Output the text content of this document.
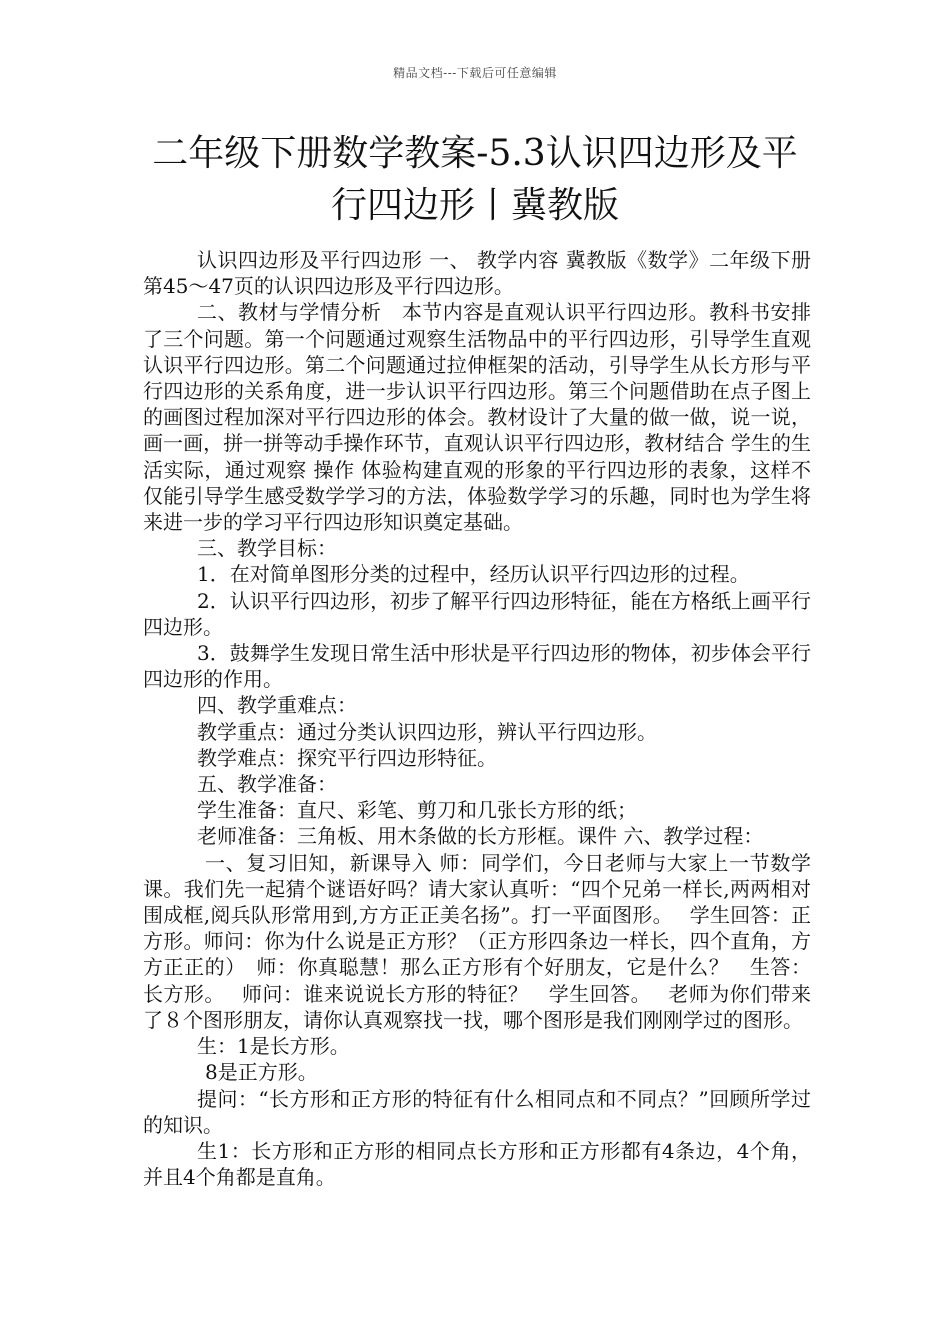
精品文档---下载后可任意编辑
二年级下册数学教案-5.3认识四边形及平行四边形丨冀教版

认识四边形及平行四边形 一、 教学内容 冀教版《数学》二年级下册第45～47页的认识四边形及平行四边形。

二、教材与学情分析　本节内容是直观认识平行四边形。教科书安排了三个问题。第一个问题通过观察生活物品中的平行四边形，引导学生直观认识平行四边形。第二个问题通过拉伸框架的活动，引导学生从长方形与平行四边形的关系角度，进一步认识平行四边形。第三个问题借助在点子图上的画图过程加深对平行四边形的体会。教材设计了大量的做一做，说一说，画一画，拼一拼等动手操作环节，直观认识平行四边形，教材结合 学生的生活实际，通过观察 操作 体验构建直观的形象的平行四边形的表象，这样不仅能引导学生感受数学学习的方法，体验数学学习的乐趣，同时也为学生将来进一步的学习平行四边形知识奠定基础。

三、教学目标：

1．在对简单图形分类的过程中，经历认识平行四边形的过程。

2．认识平行四边形，初步了解平行四边形特征，能在方格纸上画平行四边形。

3．鼓舞学生发现日常生活中形状是平行四边形的物体，初步体会平行四边形的作用。

四、教学重难点：

教学重点：通过分类认识四边形，辨认平行四边形。

教学难点：探究平行四边形特征。

五、教学准备：

学生准备：直尺、彩笔、剪刀和几张长方形的纸；

老师准备：三角板、用木条做的长方形框。课件 六、教学过程：

一、复习旧知，新课导入 师：同学们，今日老师与大家上一节数学课。我们先一起猜个谜语好吗？请大家认真听：“四个兄弟一样长,两两相对围成框,阅兵队形常用到,方方正正美名扬”。打一平面图形。　 学生回答：正方形。师问：你为什么说是正方形？（正方形四条边一样长，四个直角，方方正正的）　师：你真聪慧！那么正方形有个好朋友，它是什么？　生答：长方形。　 师问：谁来说说长方形的特征？　学生回答。　 老师为你们带来了８个图形朋友，请你认真观察找一找，哪个图形是我们刚刚学过的图形。

生：1是长方形。

8是正方形。

提问：“长方形和正方形的特征有什么相同点和不同点？”回顾所学过的知识。

生1：长方形和正方形的相同点长方形和正方形都有4条边，4个角，并且4个角都是直角。
